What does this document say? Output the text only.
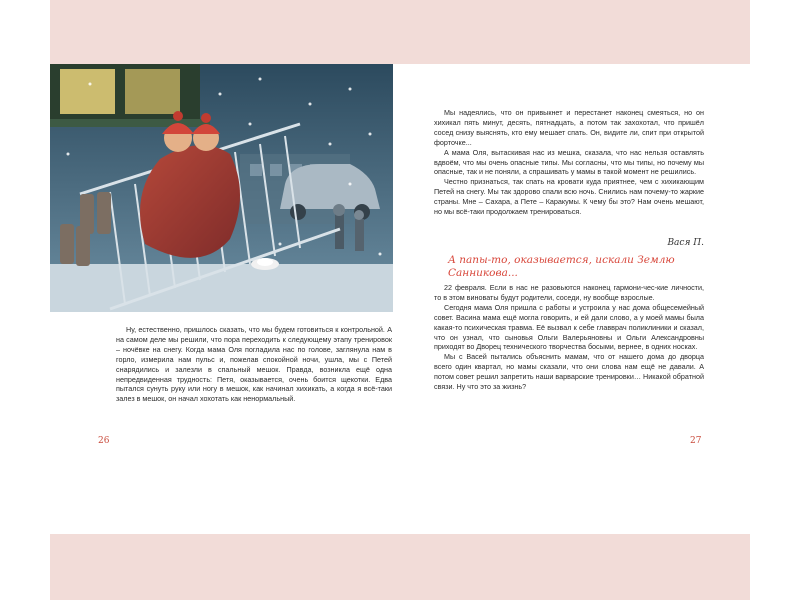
Ну, естественно, пришлось сказать, что мы будем готовиться к контрольной. А на самом деле мы решили, что пора переходить к следующему этапу тренировок – ночёвке на снегу. Когда мама Оля погладила нас по голове, заглянула нам в горло, измерила нам пульс и, пожелав спокойной ночи, ушла, мы с Петей снарядились и залезли в спальный мешок. Правда, возникла ещё одна непредвиденная трудность: Петя, оказывается, очень боится щекотки. Едва пытался сунуть руку или ногу в мешок, как начинал хихикать, а когда я всё-таки залез в мешок, он начал хохотать как ненормальный.

26

Мы надеялись, что он привыкнет и перестанет наконец смеяться, но он хихикал пять минут, десять, пятнадцать, а потом так захохотал, что пришёл сосед снизу выяснять, кто ему мешает спать. Он, видите ли, спит при открытой форточке...

А мама Оля, вытаскивая нас из мешка, сказала, что нас нельзя оставлять вдвоём, что мы очень опасные типы. Мы согласны, что мы типы, но почему мы опасные, так и не поняли, а спрашивать у мамы в такой момент не решились.

Честно признаться, так спать на кровати куда приятнее, чем с хихикающим Петей на снегу. Мы так здорово спали всю ночь. Снились нам почему-то жаркие страны. Мне – Сахара, а Пете – Каракумы. К чему бы это? Нам очень мешают, но мы всё-таки продолжаем тренироваться.

Вася П.
А папы-то, оказывается, искали Землю Санникова...

22 февраля. Если в нас не разовьются наконец гармони-чес-кие личности, то в этом виноваты будут родители, соседи, ну вообще взрослые.

Сегодня мама Оля пришла с работы и устроила у нас дома общесемейный совет. Васина мама ещё могла говорить, и ей дали слово, а у моей мамы была какая-то психическая травма. Её вызвал к себе главврач поликлиники и сказал, что он узнал, что сыновья Ольги Валерьяновны и Ольги Александровны приходят во Дворец технического творчества босыми, вернее, в одних носках.

Мы с Васей пытались объяснить мамам, что от нашего дома до дворца всего один квартал, но мамы сказали, что они слова нам ещё не давали. А потом совет решил запретить наши варварские тренировки… Никакой обратной связи. Ну что это за жизнь?

27
